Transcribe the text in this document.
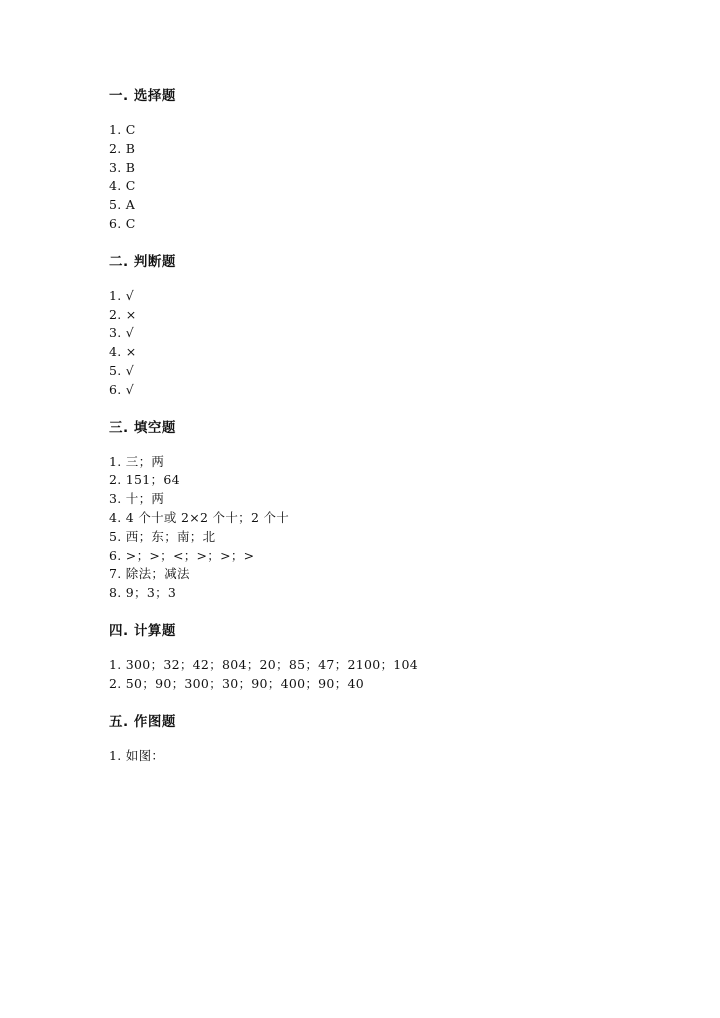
一. 选择题
1. C
2. B
3. B
4. C
5. A
6. C
二. 判断题
1. √
2. ×
3. √
4. ×
5. √
6. √
三. 填空题
1. 三；两
2. 151；64
3. 十；两
4. 4 个十或 2×2 个十；2 个十
5. 西；东；南；北
6. >；>；<；>；>；>
7. 除法；减法
8. 9；3；3
四. 计算题
1. 300；32；42；804；20；85；47；2100；104
2. 50；90；300；30；90；400；90；40
五. 作图题
1. 如图：
